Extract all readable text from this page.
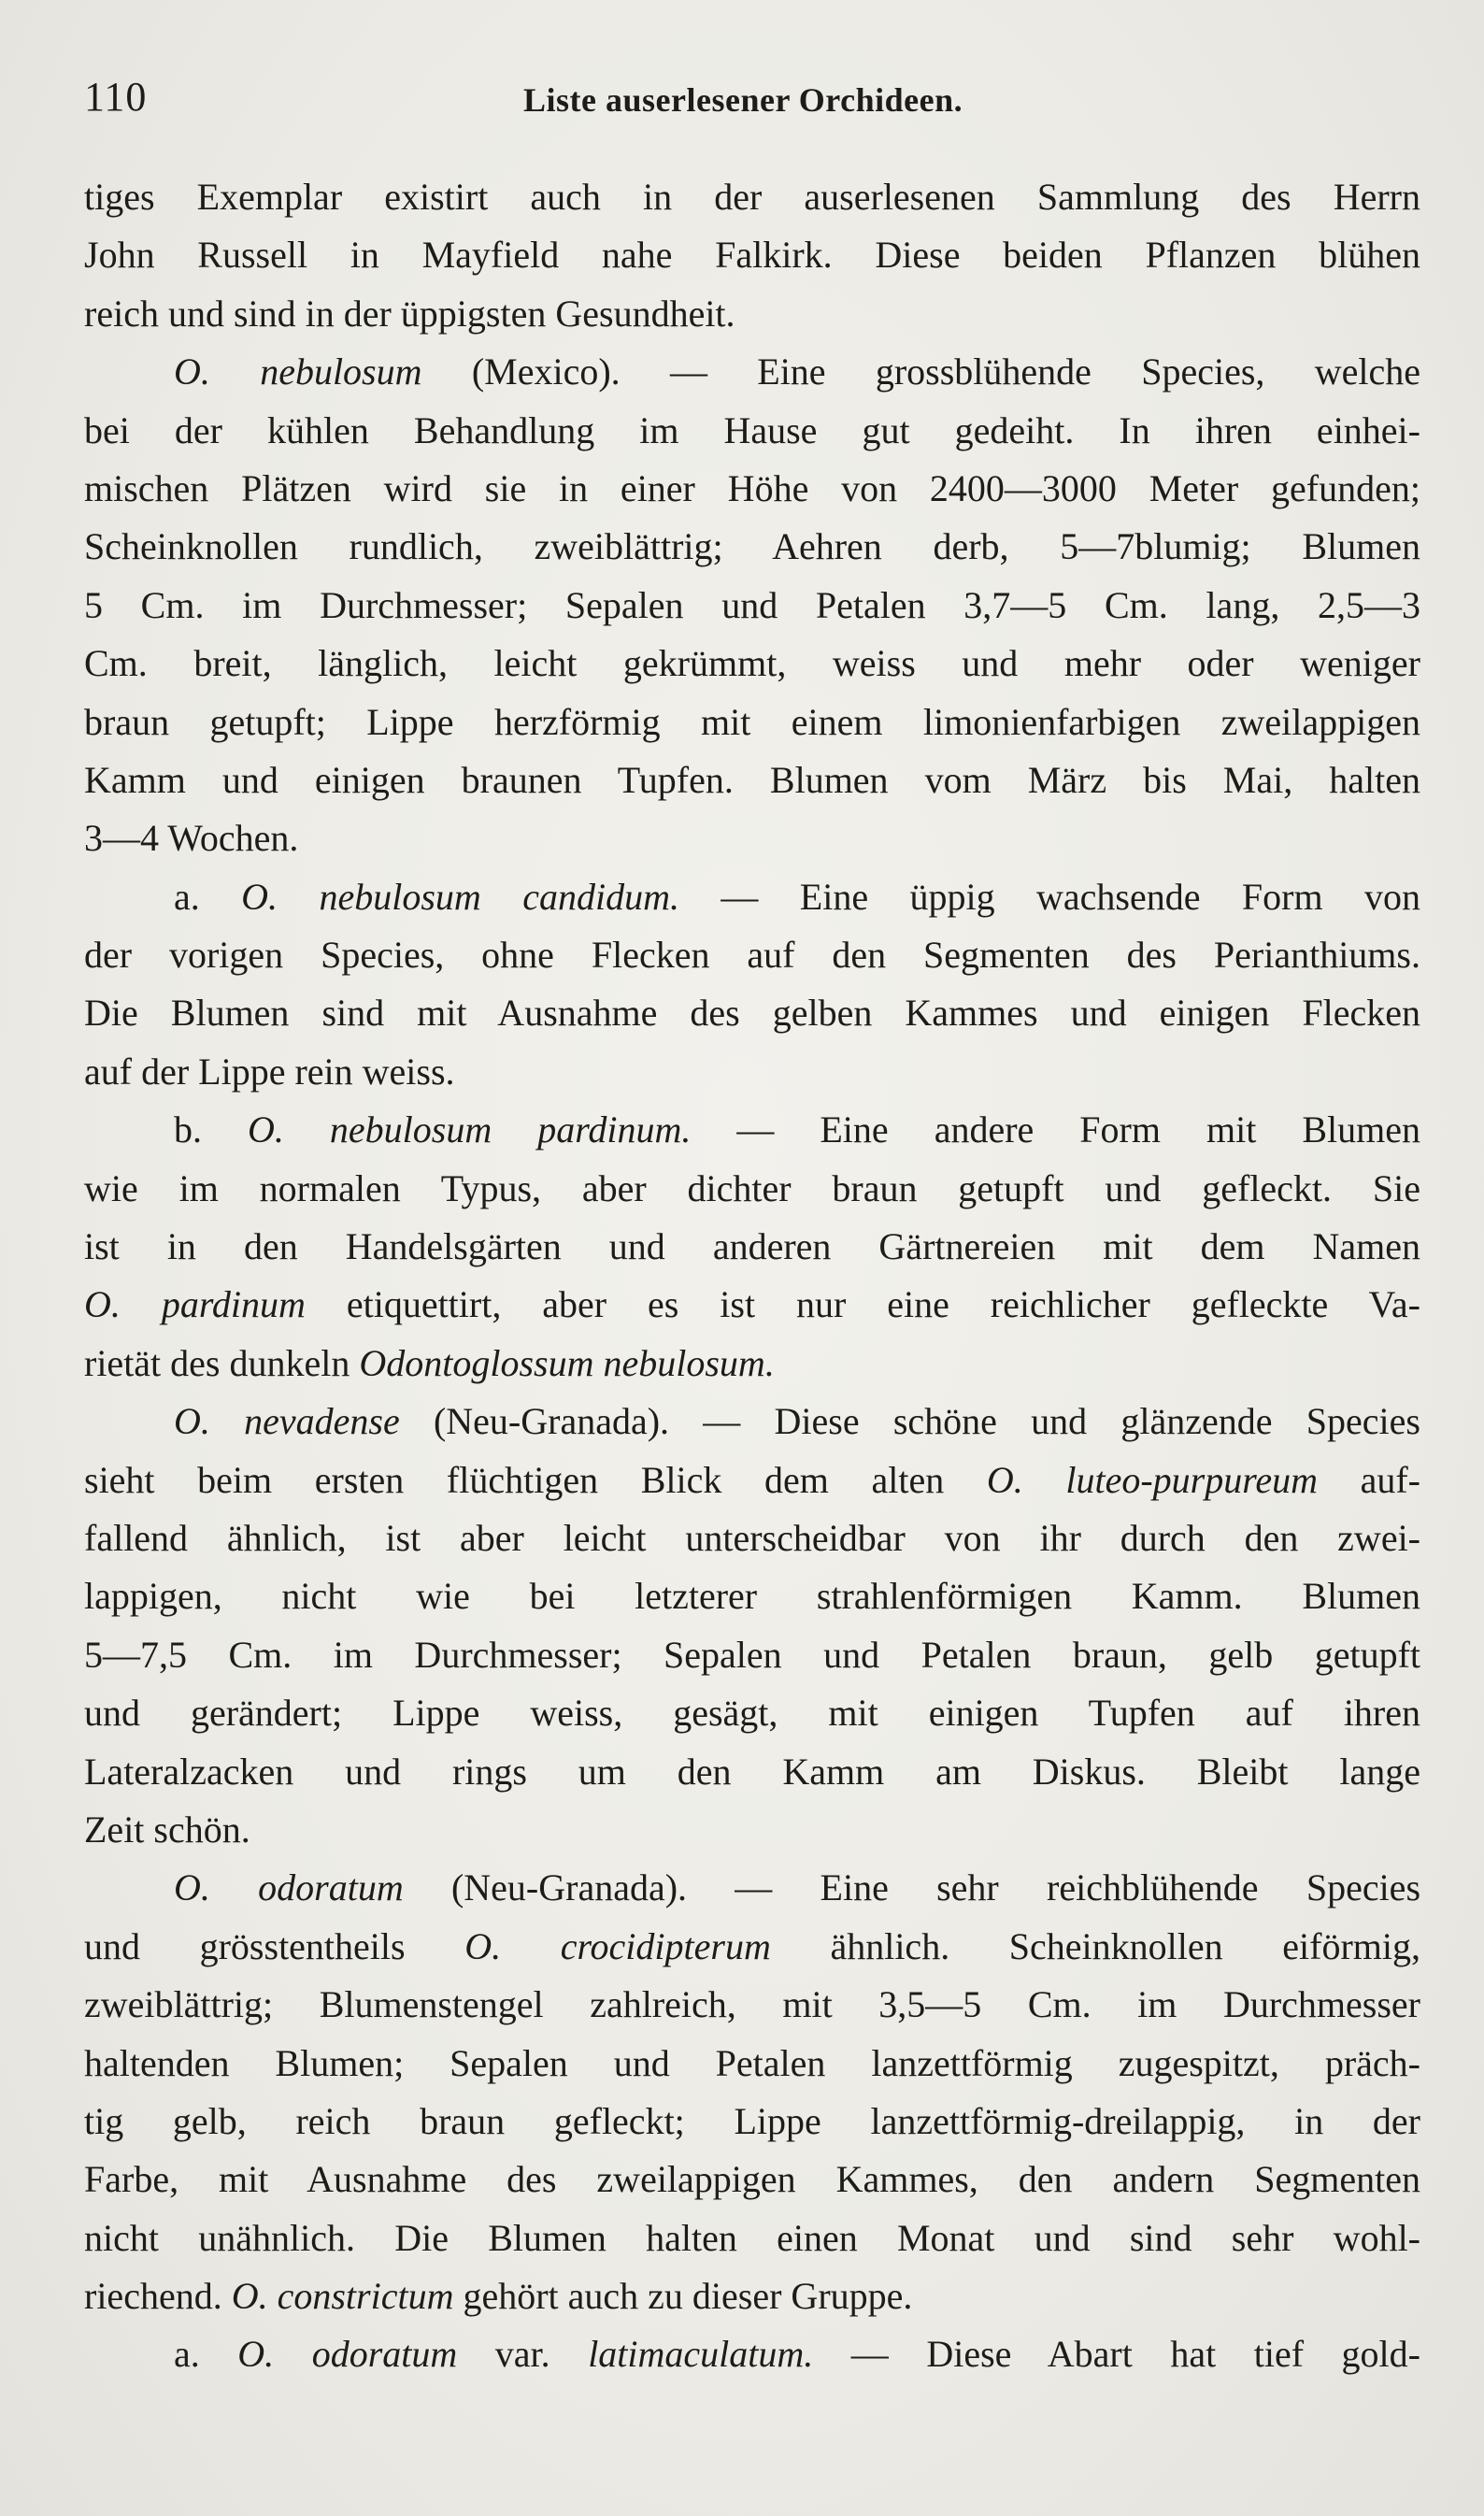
110	Liste auserlesener Orchideen.
tiges Exemplar existirt auch in der auserlesenen Sammlung des Herrn
John Russell in Mayfield nahe Falkirk. Diese beiden Pflanzen blühen
reich und sind in der üppigsten Gesundheit.
O. nebulosum (Mexico). — Eine grossblühende Species, welche
bei der kühlen Behandlung im Hause gut gedeiht. In ihren einhei-
mischen Plätzen wird sie in einer Höhe von 2400—3000 Meter gefunden;
Scheinknollen rundlich, zweiblättrig; Aehren derb, 5—7blumig; Blumen
5 Cm. im Durchmesser; Sepalen und Petalen 3,7—5 Cm. lang, 2,5—3
Cm. breit, länglich, leicht gekrümmt, weiss und mehr oder weniger
braun getupft; Lippe herzförmig mit einem limonienfarbigen zweilappigen
Kamm und einigen braunen Tupfen. Blumen vom März bis Mai, halten
3—4 Wochen.
a. O. nebulosum candidum. — Eine üppig wachsende Form von
der vorigen Species, ohne Flecken auf den Segmenten des Perianthiums.
Die Blumen sind mit Ausnahme des gelben Kammes und einigen Flecken
auf der Lippe rein weiss.
b. O. nebulosum pardinum. — Eine andere Form mit Blumen
wie im normalen Typus, aber dichter braun getupft und gefleckt. Sie
ist in den Handelsgärten und anderen Gärtnereien mit dem Namen
O. pardinum etiquettirt, aber es ist nur eine reichlicher gefleckte Va-
rietät des dunkeln Odontoglossum nebulosum.
O. nevadense (Neu-Granada). — Diese schöne und glänzende Species
sieht beim ersten flüchtigen Blick dem alten O. luteo-purpureum auf-
fallend ähnlich, ist aber leicht unterscheidbar von ihr durch den zwei-
lappigen, nicht wie bei letzterer strahlenförmigen Kamm. Blumen
5—7,5 Cm. im Durchmesser; Sepalen und Petalen braun, gelb getupft
und gerändert; Lippe weiss, gesägt, mit einigen Tupfen auf ihren
Lateralzacken und rings um den Kamm am Diskus. Bleibt lange
Zeit schön.
O. odoratum (Neu-Granada). — Eine sehr reichblühende Species
und grösstentheils O. crocidipterum ähnlich. Scheinknollen eiförmig,
zweiblättrig; Blumenstengel zahlreich, mit 3,5—5 Cm. im Durchmesser
haltenden Blumen; Sepalen und Petalen lanzettförmig zugespitzt, präch-
tig gelb, reich braun gefleckt; Lippe lanzettförmig-dreilappig, in der
Farbe, mit Ausnahme des zweilappigen Kammes, den andern Segmenten
nicht unähnlich. Die Blumen halten einen Monat und sind sehr wohl-
riechend. O. constrictum gehört auch zu dieser Gruppe.
a. O. odoratum var. latimaculatum. — Diese Abart hat tief gold-
